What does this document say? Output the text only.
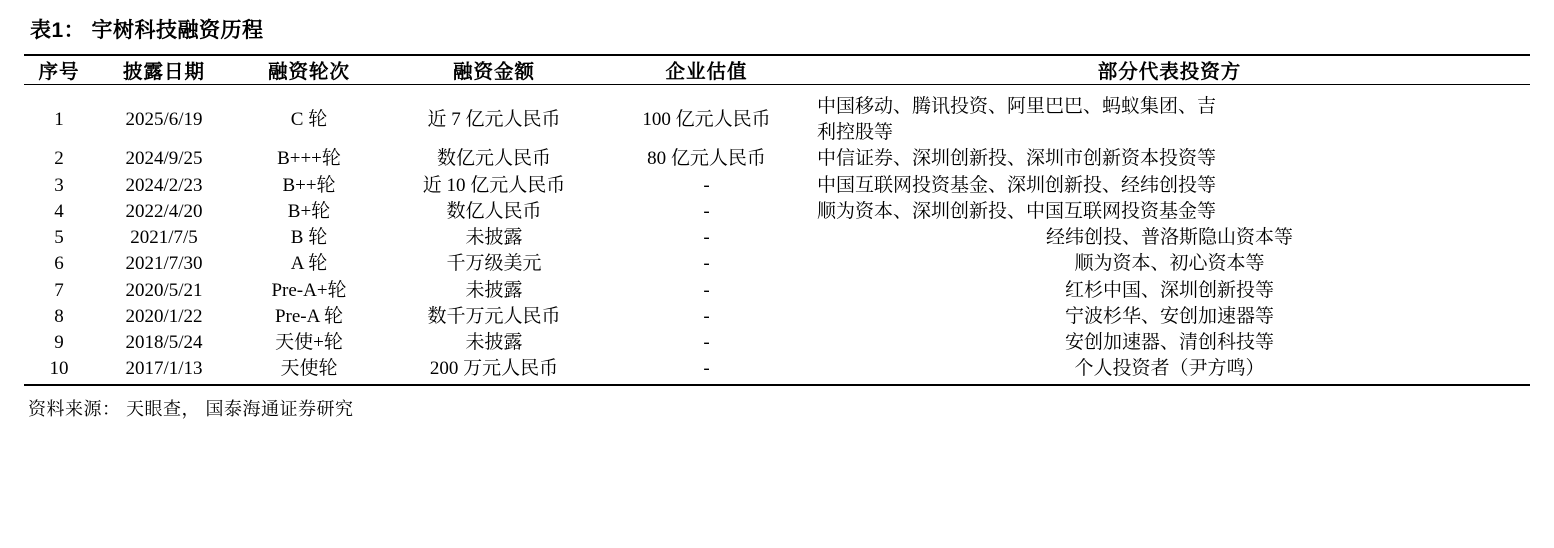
表1： 宇树科技融资历程
序号	披露日期	融资轮次	融资金额	企业估值	部分代表投资方
1	2025/6/19	C 轮	近 7 亿元人民币	100 亿元人民币	中国移动、腾讯投资、阿里巴巴、蚂蚁集团、吉
利控股等

2	2024/9/25	B+++轮	数亿元人民币	80 亿元人民币	中信证券、深圳创新投、深圳市创新资本投资等
3	2024/2/23	B++轮	近 10 亿元人民币	-	中国互联网投资基金、深圳创新投、经纬创投等
4	2022/4/20	B+轮	数亿人民币	-	顺为资本、深圳创新投、中国互联网投资基金等
5	2021/7/5	B 轮	未披露	-	经纬创投、普洛斯隐山资本等
6	2021/7/30	A 轮	千万级美元	-	顺为资本、初心资本等
7	2020/5/21	Pre-A+轮	未披露	-	红杉中国、深圳创新投等
8	2020/1/22	Pre-A 轮	数千万元人民币	-	宁波杉华、安创加速器等
9	2018/5/24	天使+轮	未披露	-	安创加速器、清创科技等
10	2017/1/13	天使轮	200 万元人民币	-	个人投资者（尹方鸣）
资料来源： 天眼查， 国泰海通证券研究
